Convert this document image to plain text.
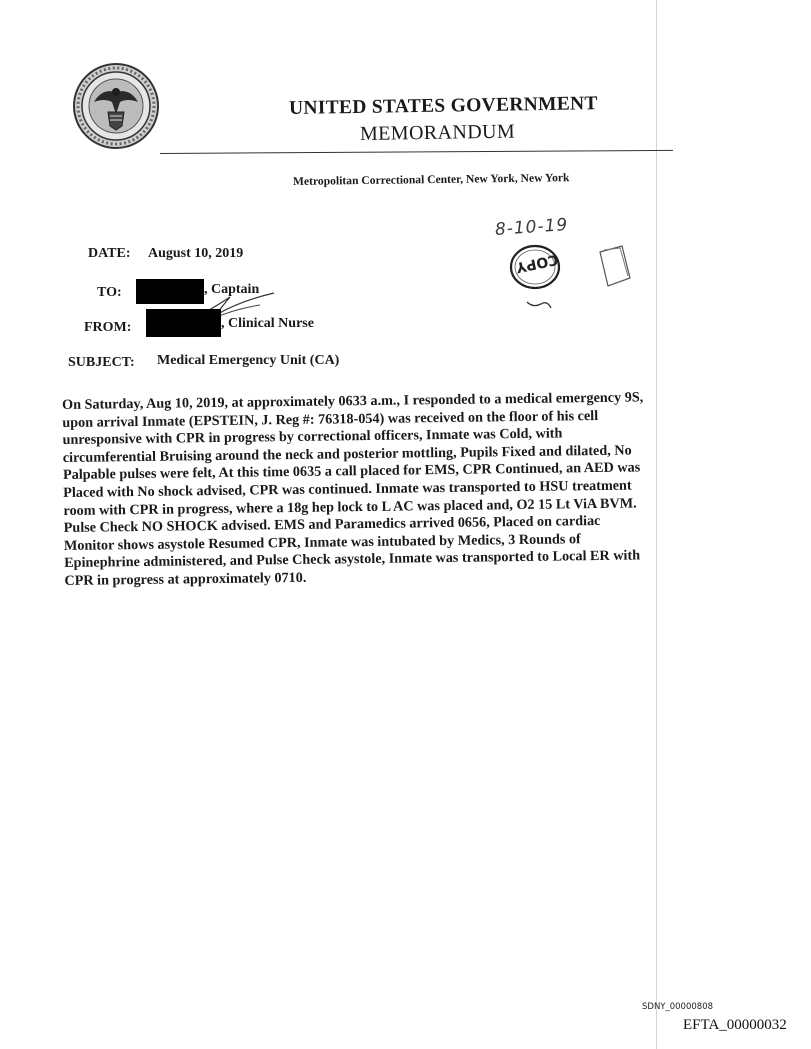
UNITED STATES GOVERNMENT
MEMORANDUM
Metropolitan Correctional Center, New York, New York
8-10-19
COPY
DATE: August 10, 2019
TO:	, Captain
FROM:	, Clinical Nurse
SUBJECT: Medical Emergency Unit (CA)
On Saturday, Aug 10, 2019, at approximately 0633 a.m., I responded to a medical emergency 9S,
upon arrival Inmate (EPSTEIN, J. Reg #: 76318-054) was received on the floor of his cell
unresponsive with CPR in progress by correctional officers, Inmate was Cold, with
circumferential Bruising around the neck and posterior mottling, Pupils Fixed and dilated, No
Palpable pulses were felt, At this time 0635 a call placed for EMS, CPR Continued, an AED was
Placed with No shock advised, CPR was continued. Inmate was transported to HSU treatment
room with CPR in progress, where a 18g hep lock to L AC was placed and, O2 15 Lt ViA BVM.
Pulse Check NO SHOCK advised. EMS and Paramedics arrived 0656, Placed on cardiac
Monitor shows asystole Resumed CPR, Inmate was intubated by Medics, 3 Rounds of
Epinephrine administered, and Pulse Check asystole, Inmate was transported to Local ER with
CPR in progress at approximately 0710.
SDNY_00000808
EFTA_00000032
